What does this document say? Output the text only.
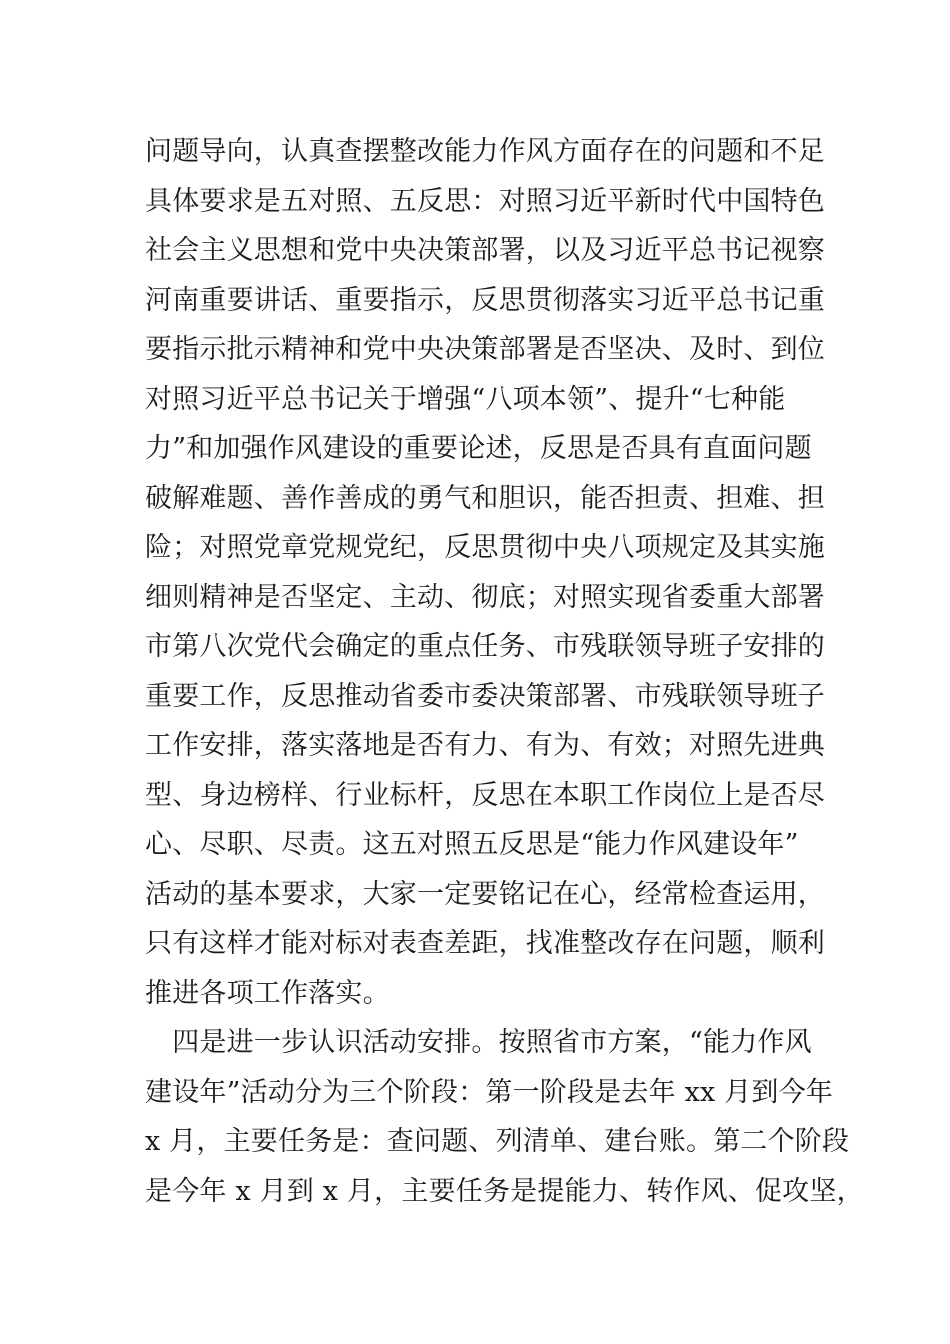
问题导向，认真查摆整改能力作风方面存在的问题和不足
具体要求是五对照、五反思：对照习近平新时代中国特色
社会主义思想和党中央决策部署，以及习近平总书记视察
河南重要讲话、重要指示，反思贯彻落实习近平总书记重
要指示批示精神和党中央决策部署是否坚决、及时、到位
对照习近平总书记关于增强“八项本领”、提升“七种能
力”和加强作风建设的重要论述，反思是否具有直面问题
破解难题、善作善成的勇气和胆识，能否担责、担难、担
险；对照党章党规党纪，反思贯彻中央八项规定及其实施
细则精神是否坚定、主动、彻底；对照实现省委重大部署
市第八次党代会确定的重点任务、市残联领导班子安排的
重要工作，反思推动省委市委决策部署、市残联领导班子
工作安排，落实落地是否有力、有为、有效；对照先进典
型、身边榜样、行业标杆，反思在本职工作岗位上是否尽
心、尽职、尽责。这五对照五反思是“能力作风建设年”
活动的基本要求，大家一定要铭记在心，经常检查运用，
只有这样才能对标对表查差距，找准整改存在问题，顺利
推进各项工作落实。
　四是进一步认识活动安排。按照省市方案，“能力作风
建设年”活动分为三个阶段：第一阶段是去年 xx 月到今年
x 月，主要任务是：查问题、列清单、建台账。第二个阶段
是今年 x 月到 x 月，主要任务是提能力、转作风、促攻坚，
